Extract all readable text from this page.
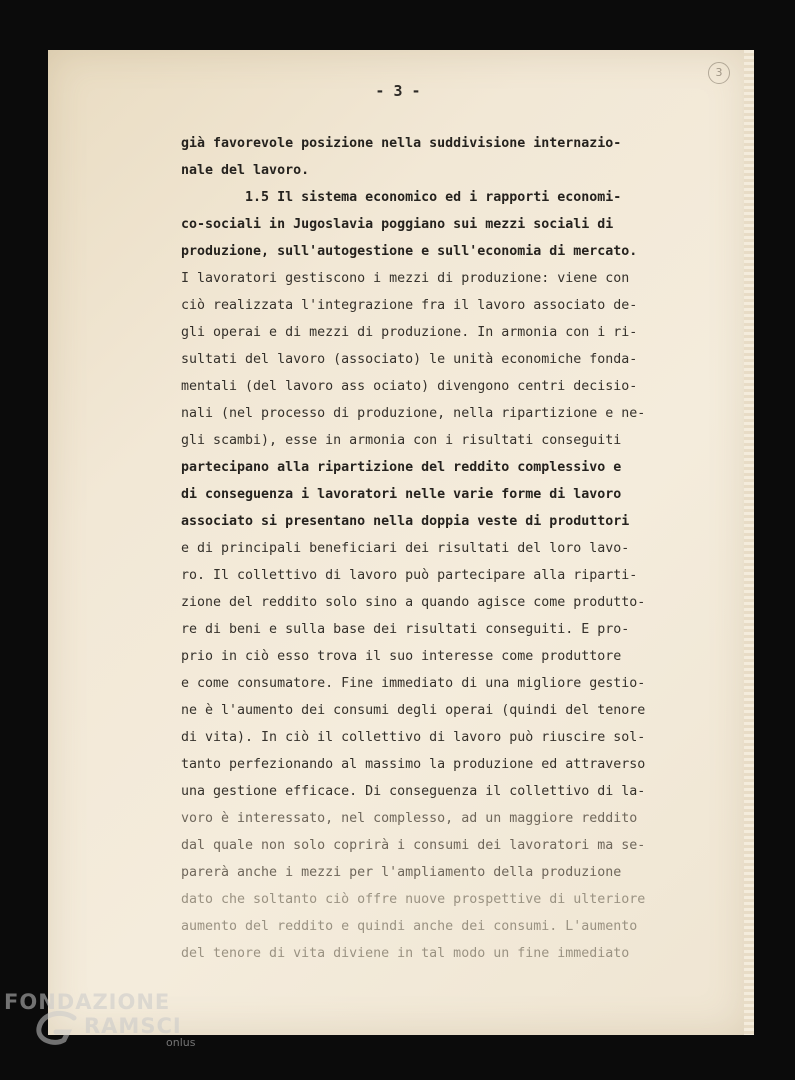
- 3 -
3
già favorevole posizione nella suddivisione internazio-
nale del lavoro.
1.5 Il sistema economico ed i rapporti economi-
co-sociali in Jugoslavia poggiano sui mezzi sociali di
produzione, sull'autogestione e sull'economia di mercato.
I lavoratori gestiscono i mezzi di produzione: viene con
ciò realizzata l'integrazione fra il lavoro associato de-
gli operai e di mezzi di produzione. In armonia con i ri-
sultati del lavoro (associato) le unità economiche fonda-
mentali (del lavoro ass ociato) divengono centri decisio-
nali (nel processo di produzione, nella ripartizione e ne-
gli scambi), esse in armonia con i risultati conseguiti
partecipano alla ripartizione del reddito complessivo e
di conseguenza i lavoratori nelle varie forme di lavoro
associato si presentano nella doppia veste di produttori
e di principali beneficiari dei risultati del loro lavo-
ro. Il collettivo di lavoro può partecipare alla riparti-
zione del reddito solo sino a quando agisce come produtto-
re di beni e sulla base dei risultati conseguiti. E pro-
prio in ciò esso trova il suo interesse come produttore
e come consumatore. Fine immediato di una migliore gestio-
ne è l'aumento dei consumi degli operai (quindi del tenore
di vita). In ciò il collettivo di lavoro può riuscire sol-
tanto perfezionando al massimo la produzione ed attraverso
una gestione efficace. Di conseguenza il collettivo di la-
voro è interessato, nel complesso, ad un maggiore reddito
dal quale non solo coprirà i consumi dei lavoratori ma se-
parerà anche i mezzi per l'ampliamento della produzione
dato che soltanto ciò offre nuove prospettive di ulteriore
aumento del reddito e quindi anche dei consumi. L'aumento
del tenore di vita diviene in tal modo un fine immediato
FONDAZIONE
RAMSCI
onlus
